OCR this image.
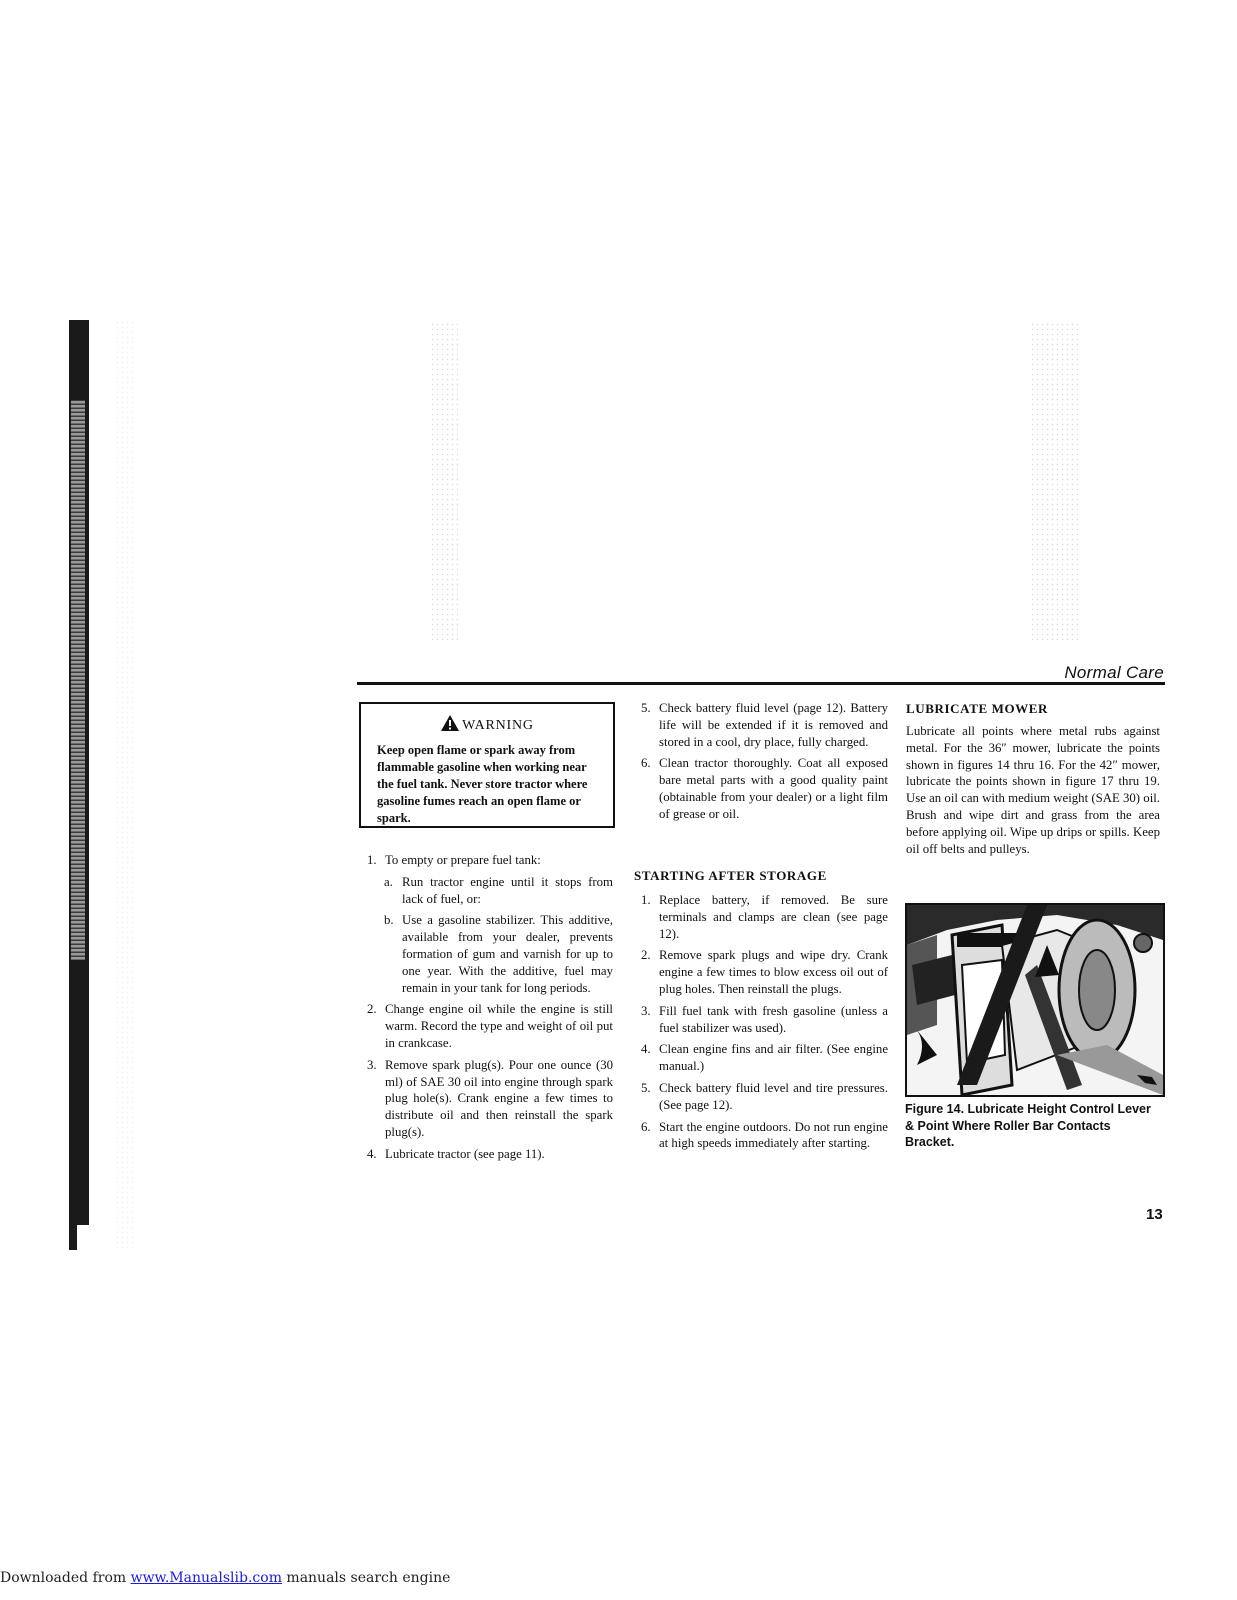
Normal Care
WARNING
Keep open flame or spark away from flammable gasoline when working near the fuel tank. Never store tractor where gasoline fumes reach an open flame or spark.
1. To empty or prepare fuel tank:
a. Run tractor engine until it stops from lack of fuel, or:
b. Use a gasoline stabilizer. This additive, available from your dealer, prevents formation of gum and varnish for up to one year. With the additive, fuel may remain in your tank for long periods.
2. Change engine oil while the engine is still warm. Record the type and weight of oil put in crankcase.
3. Remove spark plug(s). Pour one ounce (30 ml) of SAE 30 oil into engine through spark plug hole(s). Crank engine a few times to distribute oil and then reinstall the spark plug(s).
4. Lubricate tractor (see page 11).
5. Check battery fluid level (page 12). Battery life will be extended if it is removed and stored in a cool, dry place, fully charged.
6. Clean tractor thoroughly. Coat all exposed bare metal parts with a good quality paint (obtainable from your dealer) or a light film of grease or oil.
STARTING AFTER STORAGE
1. Replace battery, if removed. Be sure terminals and clamps are clean (see page 12).
2. Remove spark plugs and wipe dry. Crank engine a few times to blow excess oil out of plug holes. Then reinstall the plugs.
3. Fill fuel tank with fresh gasoline (unless a fuel stabilizer was used).
4. Clean engine fins and air filter. (See engine manual.)
5. Check battery fluid level and tire pressures. (See page 12).
6. Start the engine outdoors. Do not run engine at high speeds immediately after starting.
LUBRICATE MOWER
Lubricate all points where metal rubs against metal. For the 36″ mower, lubricate the points shown in figures 14 thru 16. For the 42″ mower, lubricate the points shown in figure 17 thru 19. Use an oil can with medium weight (SAE 30) oil. Brush and wipe dirt and grass from the area before applying oil. Wipe up drips or spills. Keep oil off belts and pulleys.
Figure 14. Lubricate Height Control Lever & Point Where Roller Bar Contacts Bracket.
13
Downloaded from www.Manualslib.com manuals search engine
